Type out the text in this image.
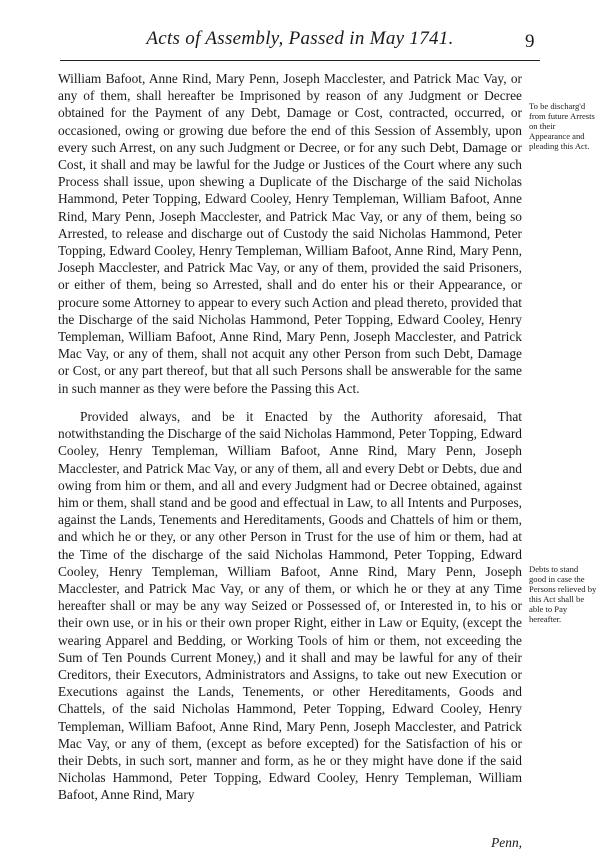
Acts of Assembly, Passed in May 1741.	9
William Bafoot, Anne Rind, Mary Penn, Joseph Macclester, and Patrick Mac Vay, or any of them, shall hereafter be Imprisoned by reason of any Judgment or Decree obtained for the Payment of any Debt, Damage or Cost, contracted, occurred, or occasioned, owing or growing due before the end of this Session of Assembly, upon every such Arrest, on any such Judgment or Decree, or for any such Debt, Damage or Cost, it shall and may be lawful for the Judge or Justices of the Court where any such Process shall issue, upon shewing a Duplicate of the Discharge of the said Nicholas Hammond, Peter Topping, Edward Cooley, Henry Templeman, William Bafoot, Anne Rind, Mary Penn, Joseph Macclester, and Patrick Mac Vay, or any of them, being so Arrested, to release and discharge out of Custody the said Nicholas Hammond, Peter Topping, Edward Cooley, Henry Templeman, William Bafoot, Anne Rind, Mary Penn, Joseph Macclester, and Patrick Mac Vay, or any of them, provided the said Prisoners, or either of them, being so Arrested, shall and do enter his or their Appearance, or procure some Attorney to appear to every such Action and plead thereto, provided that the Discharge of the said Nicholas Hammond, Peter Topping, Edward Cooley, Henry Templeman, William Bafoot, Anne Rind, Mary Penn, Joseph Macclester, and Patrick Mac Vay, or any of them, shall not acquit any other Person from such Debt, Damage or Cost, or any part thereof, but that all such Persons shall be answerable for the same in such manner as they were before the Passing this Act.
Provided always, and be it Enacted by the Authority aforesaid, That notwithstanding the Discharge of the said Nicholas Hammond, Peter Topping, Edward Cooley, Henry Templeman, William Bafoot, Anne Rind, Mary Penn, Joseph Macclester, and Patrick Mac Vay, or any of them, all and every Debt or Debts, due and owing from him or them, and all and every Judgment had or Decree obtained, against him or them, shall stand and be good and effectual in Law, to all Intents and Purposes, against the Lands, Tenements and Hereditaments, Goods and Chattels of him or them, and which he or they, or any other Person in Trust for the use of him or them, had at the Time of the discharge of the said Nicholas Hammond, Peter Topping, Edward Cooley, Henry Templeman, William Bafoot, Anne Rind, Mary Penn, Joseph Macclester, and Patrick Mac Vay, or any of them, or which he or they at any Time hereafter shall or may be any way Seized or Possessed of, or Interested in, to his or their own use, or in his or their own proper Right, either in Law or Equity, (except the wearing Apparel and Bedding, or Working Tools of him or them, not exceeding the Sum of Ten Pounds Current Money,) and it shall and may be lawful for any of their Creditors, their Executors, Administrators and Assigns, to take out new Execution or Executions against the Lands, Tenements, or other Hereditaments, Goods and Chattels, of the said Nicholas Hammond, Peter Topping, Edward Cooley, Henry Templeman, William Bafoot, Anne Rind, Mary Penn, Joseph Macclester, and Patrick Mac Vay, or any of them, (except as before excepted) for the Satisfaction of his or their Debts, in such sort, manner and form, as he or they might have done if the said Nicholas Hammond, Peter Topping, Edward Cooley, Henry Templeman, William Bafoot, Anne Rind, Mary
To be discharg'd from future Arrests on their Appearance and pleading this Act.
Debts to stand good in case the Persons relieved by this Act shall be able to Pay hereafter.
Penn,
